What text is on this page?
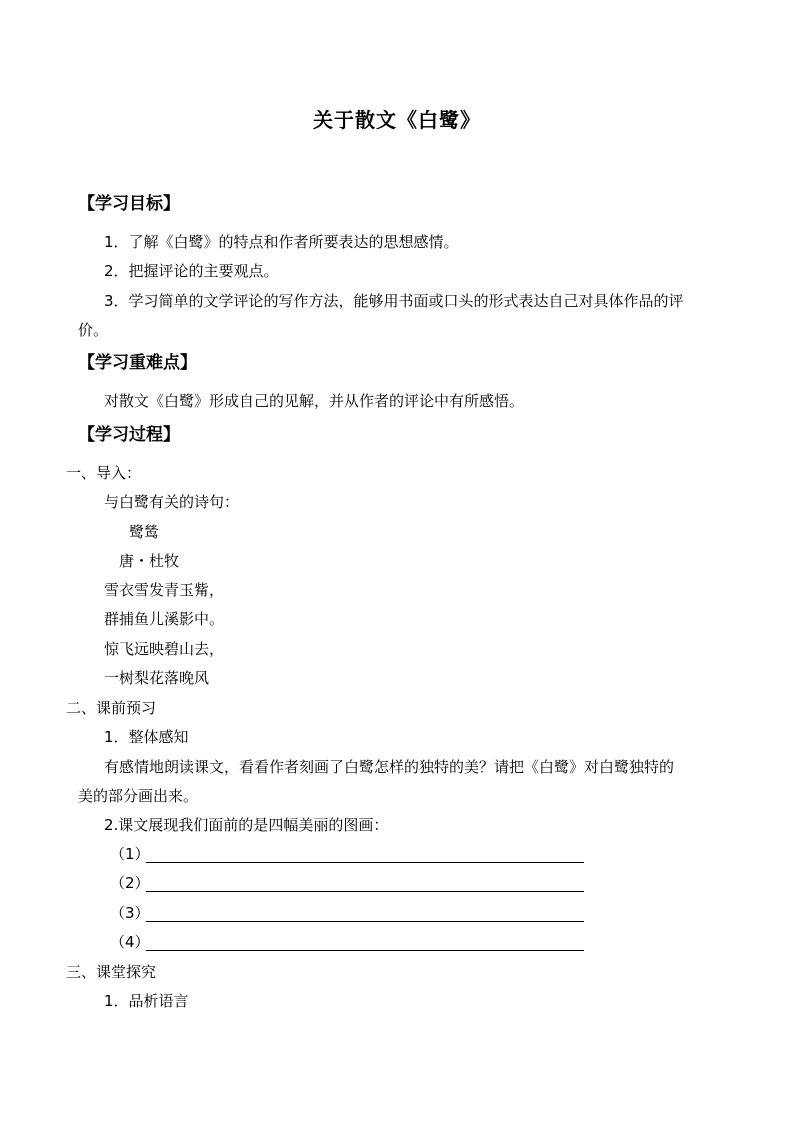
关于散文《白鹭》
【学习目标】
1．了解《白鹭》的特点和作者所要表达的思想感情。
2．把握评论的主要观点。
3．学习简单的文学评论的写作方法，能够用书面或口头的形式表达自己对具体作品的评
价。
【学习重难点】
对散文《白鹭》形成自己的见解，并从作者的评论中有所感悟。
【学习过程】
一、导入：
与白鹭有关的诗句：
鹭鸶
唐・杜牧
雪衣雪发青玉觜，
群捕鱼儿溪影中。
惊飞远映碧山去，
一树梨花落晚风
二、课前预习
1．整体感知
有感情地朗读课文，看看作者刻画了白鹭怎样的独特的美？请把《白鹭》对白鹭独特的
美的部分画出来。
2.课文展现我们面前的是四幅美丽的图画：
（1）
（2）
（3）
（4）
三、课堂探究
1．品析语言
